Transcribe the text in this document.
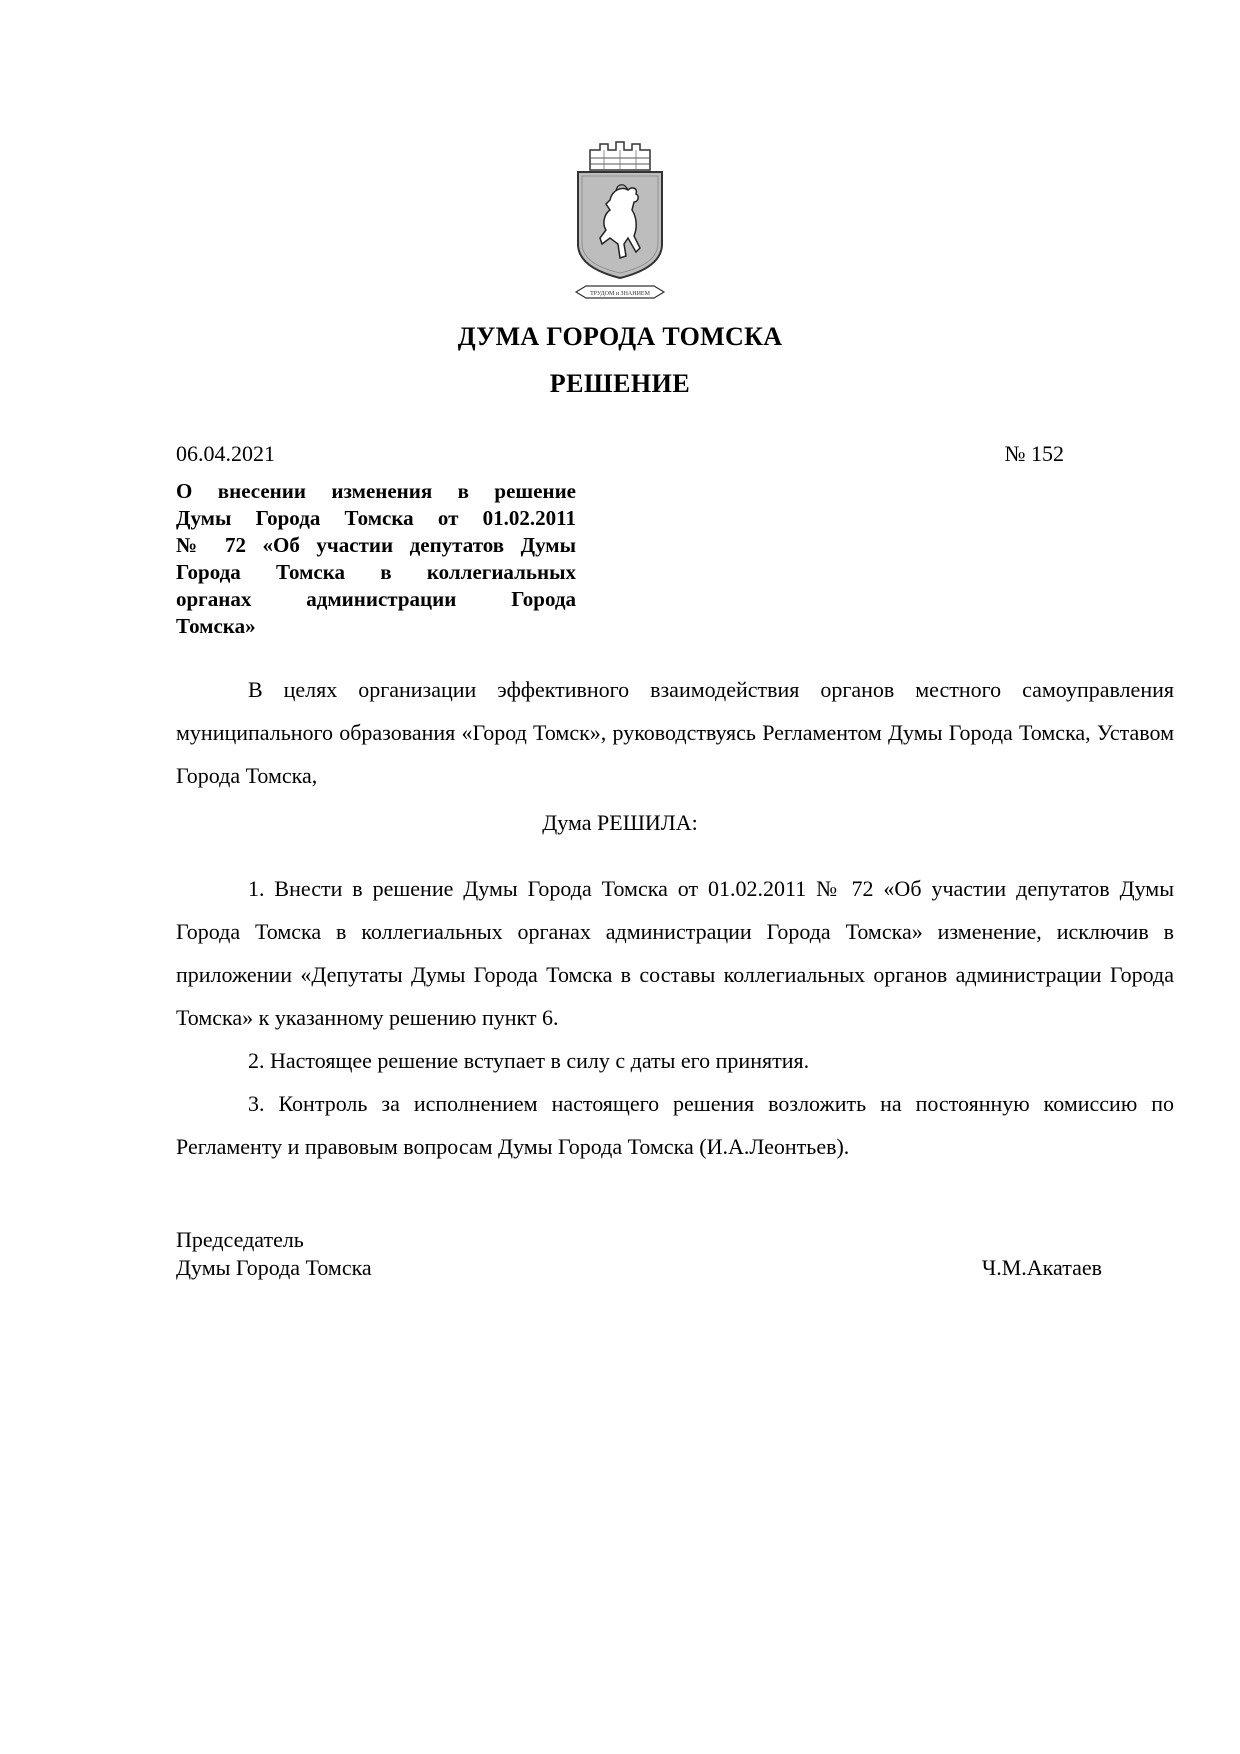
ТРУДОМ и ЗНАНИЕМ
ДУМА ГОРОДА ТОМСКА
РЕШЕНИЕ
06.04.2021	№ 152
О внесении изменения в решение
Думы Города Томска от 01.02.2011
№ 72 «Об участии депутатов Думы
Города Томска в коллегиальных
органах администрации Города
Томска»

В целях организации эффективного взаимодействия органов местного самоуправления муниципального образования «Город Томск», руководствуясь Регламентом Думы Города Томска, Уставом Города Томска,

Дума РЕШИЛА:

1. Внести в решение Думы Города Томска от 01.02.2011 № 72 «Об участии депутатов Думы Города Томска в коллегиальных органах администрации Города Томска» изменение, исключив в приложении «Депутаты Думы Города Томска в составы коллегиальных органов администрации Города Томска» к указанному решению пункт 6.

2. Настоящее решение вступает в силу с даты его принятия.

3. Контроль за исполнением настоящего решения возложить на постоянную комиссию по Регламенту и правовым вопросам Думы Города Томска (И.А.Леонтьев).

Председатель
Думы Города Томска	Ч.М.Акатаев
